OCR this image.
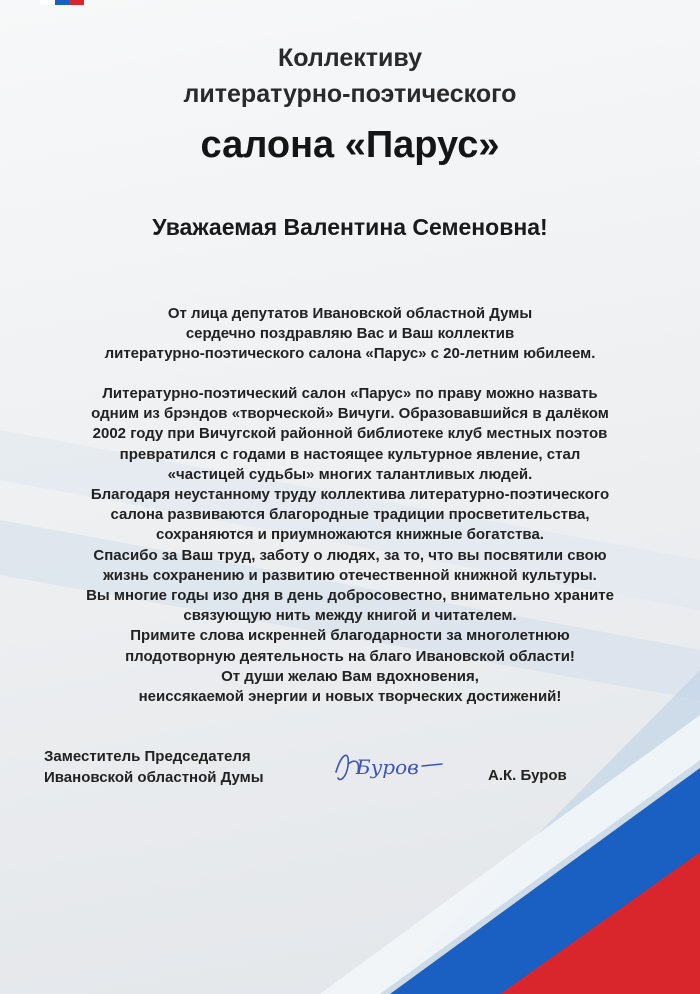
Коллективу
литературно-поэтического
салона «Парус»
Уважаемая Валентина Семеновна!
От лица депутатов Ивановской областной Думы
сердечно поздравляю Вас и Ваш коллектив
литературно-поэтического салона «Парус» с 20-летним юбилеем.
Литературно-поэтический салон «Парус» по праву можно назвать
одним из брэндов «творческой» Вичуги. Образовавшийся в далёком
2002 году при Вичугской районной библиотеке клуб местных поэтов
превратился с годами в настоящее культурное явление, стал
«частицей судьбы» многих талантливых людей.
Благодаря неустанному труду коллектива литературно-поэтического
салона развиваются благородные традиции просветительства,
сохраняются и приумножаются книжные богатства.
Спасибо за Ваш труд, заботу о людях, за то, что вы посвятили свою
жизнь сохранению и развитию отечественной книжной культуры.
Вы многие годы изо дня в день добросовестно, внимательно храните
связующую нить между книгой и читателем.
Примите слова искренней благодарности за многолетнюю
плодотворную деятельность на благо Ивановской области!
От души желаю Вам вдохновения,
неиссякаемой энергии и новых творческих достижений!
Заместитель Председателя
Ивановской областной Думы	Буров	А.К. Буров
